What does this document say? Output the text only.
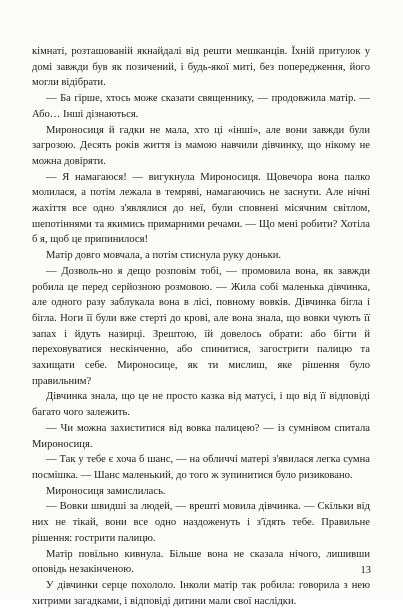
кімнаті, розташованій якнайдалі від решти мешканців. Їхній притулок у домі завжди був як позичений, і будь-якої миті, без попередження, його могли відібрати.

— Ба гірше, хтось може сказати священнику, — продовжила матір. — Або… Інші дізнаються.

Мироносиця й гадки не мала, хто ці «інші», але вони завжди були загрозою. Десять років життя із мамою навчили дівчинку, що нікому не можна довіряти.

— Я намагаюся! — вигукнула Мироносиця. Щовечора вона палко молилася, а потім лежала в темряві, намагаючись не заснути. Але нічні жахіття все одно з'являлися до неї, були сповнені місячним світлом, шепотіннями та якимись примарними речами. — Що мені робити? Хотіла б я, щоб це припинилося!

Матір довго мовчала, а потім стиснула руку доньки.

— Дозволь-но я дещо розповім тобі, — промовила вона, як завжди робила це перед серйозною розмовою. — Жила собі маленька дівчинка, але одного разу заблукала вона в лісі, повному вовків. Дівчинка бігла і бігла. Ноги її були вже стерті до крові, але вона знала, що вовки чують її запах і йдуть назирці. Зрештою, їй довелось обрати: або бігти й переховуватися нескінченно, або спинитися, загострити палицю та захищати себе. Мироносице, як ти мислиш, яке рішення було правильним?

Дівчинка знала, що це не просто казка від матусі, і що від її відповіді багато чого залежить.

— Чи можна захиститися від вовка палицею? — із сумнівом спитала Мироносиця.

— Так у тебе є хоча б шанс, — на обличчі матері з'явилася легка сумна посмішка. — Шанс маленький, до того ж зупинитися було ризиковано.

Мироносиця замислилась.

— Вовки швидші за людей, — врешті мовила дівчинка. — Скільки від них не тікай, вони все одно наздоженуть і з'їдять тебе. Правильне рішення: гострити палицю.

Матір повільно кивнула. Більше вона не сказала нічого, лишивши оповідь незакінченою.

У дівчинки серце похололо. Інколи матір так робила: говорила з нею хитрими загадками, і відповіді дитини мали свої наслідки.

13
